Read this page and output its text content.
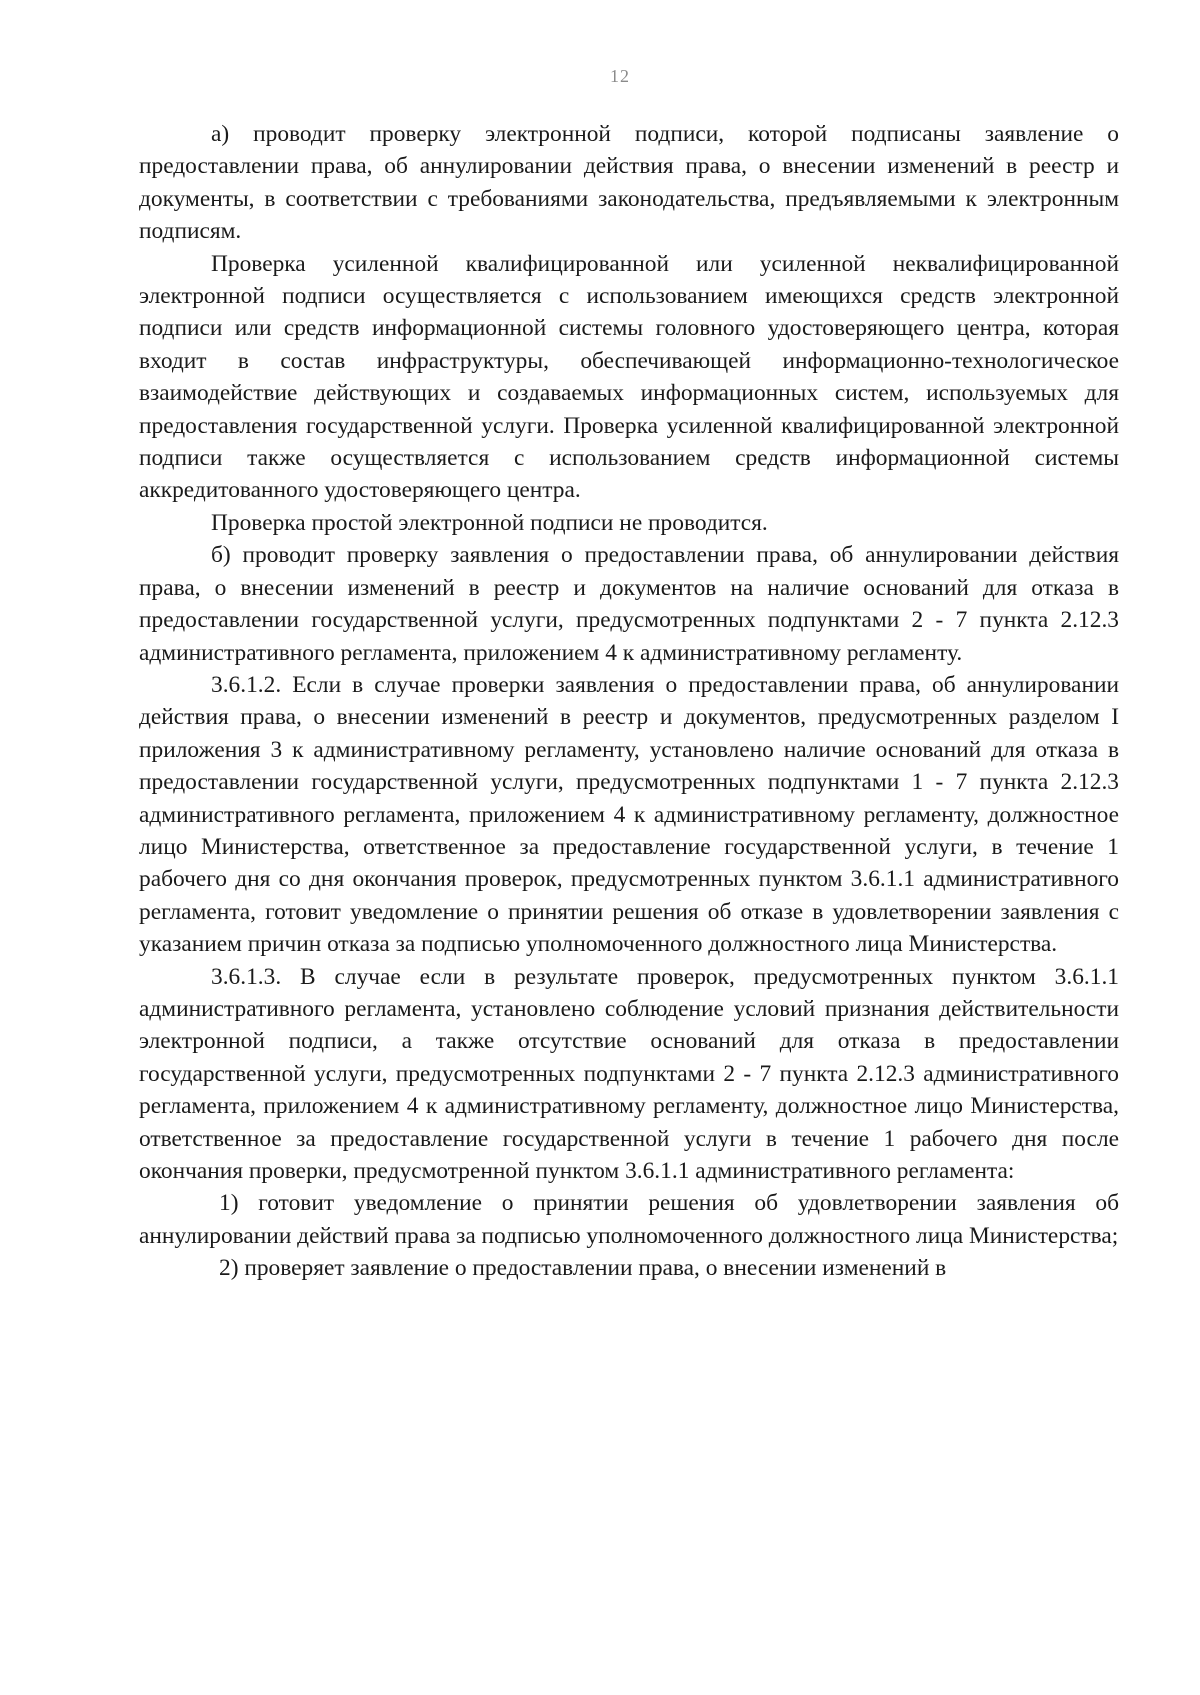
12

а) проводит проверку электронной подписи, которой подписаны заявление о предоставлении права, об аннулировании действия права, о внесении изменений в реестр и документы, в соответствии с требованиями законодательства, предъявляемыми к электронным подписям.

Проверка усиленной квалифицированной или усиленной неквалифицированной электронной подписи осуществляется с использованием имеющихся средств электронной подписи или средств информационной системы головного удостоверяющего центра, которая входит в состав инфраструктуры, обеспечивающей информационно-технологическое взаимодействие действующих и создаваемых информационных систем, используемых для предоставления государственной услуги. Проверка усиленной квалифицированной электронной подписи также осуществляется с использованием средств информационной системы аккредитованного удостоверяющего центра.

Проверка простой электронной подписи не проводится.

б) проводит проверку заявления о предоставлении права, об аннулировании действия права, о внесении изменений в реестр и документов на наличие оснований для отказа в предоставлении государственной услуги, предусмотренных подпунктами 2 - 7 пункта 2.12.3 административного регламента, приложением 4 к административному регламенту.

3.6.1.2. Если в случае проверки заявления о предоставлении права, об аннулировании действия права, о внесении изменений в реестр и документов, предусмотренных разделом I приложения 3 к административному регламенту, установлено наличие оснований для отказа в предоставлении государственной услуги, предусмотренных подпунктами 1 - 7 пункта 2.12.3 административного регламента, приложением 4 к административному регламенту, должностное лицо Министерства, ответственное за предоставление государственной услуги, в течение 1 рабочего дня со дня окончания проверок, предусмотренных пунктом 3.6.1.1 административного регламента, готовит уведомление о принятии решения об отказе в удовлетворении заявления с указанием причин отказа за подписью уполномоченного должностного лица Министерства.

3.6.1.3. В случае если в результате проверок, предусмотренных пунктом 3.6.1.1 административного регламента, установлено соблюдение условий признания действительности электронной подписи, а также отсутствие оснований для отказа в предоставлении государственной услуги, предусмотренных подпунктами 2 - 7 пункта 2.12.3 административного регламента, приложением 4 к административному регламенту, должностное лицо Министерства, ответственное за предоставление государственной услуги в течение 1 рабочего дня после окончания проверки, предусмотренной пунктом 3.6.1.1 административного регламента:

1) готовит уведомление о принятии решения об удовлетворении заявления об аннулировании действий права за подписью уполномоченного должностного лица Министерства;

2) проверяет заявление о предоставлении права, о внесении изменений в
